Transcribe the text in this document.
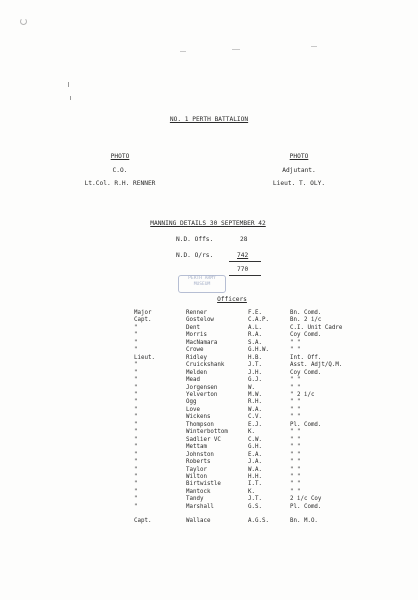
NO. 1 PERTH BATTALION
PHOTO
C.O.
Lt.Col. R.H. RENNER
PHOTO
Adjutant.
Lieut. T. OLY.
MANNING DETAILS 30 SEPTEMBER 42
N.D. Offs.	28
N.D. O/rs.	742
770
PERTH ARMY
MUSEUM
Officers
Major	Renner	F.E.	Bn. Comd.
Capt.	Gostelow	C.A.P.	Bn. 2 i/c
"	Dent	A.L.	C.I. Unit Cadre
"	Morris	R.A.	Coy Comd.
"	MacNamara	S.A.	" "
"	Crowe	G.H.W.	" "
Lieut.	Ridley	H.B.	Int. Off.
"	Cruickshank	J.T.	Asst. Adjt/Q.M.
"	Melden	J.H.	Coy Comd.
"	Mead	G.J.	" "
"	Jorgensen	W.	" "
"	Yelverton	M.W.	" 2 i/c
"	Ogg	R.H.	" "
"	Love	W.A.	" "
"	Wickens	C.V.	" "
"	Thompson	E.J.	Pl. Comd.
"	Winterbottom	K.	" "
"	Sadlier VC	C.W.	" "
"	Mettam	G.H.	" "
"	Johnston	E.A.	" "
"	Roberts	J.A.	" "
"	Taylor	W.A.	" "
"	Wilton	H.H.	" "
"	Birtwistle	I.T.	" "
"	Mantock	K.	" "
"	Tandy	J.T.	2 i/c Coy
"	Marshall	G.S.	Pl. Comd.

Capt.	Wallace	A.G.S.	Bn. M.O.
